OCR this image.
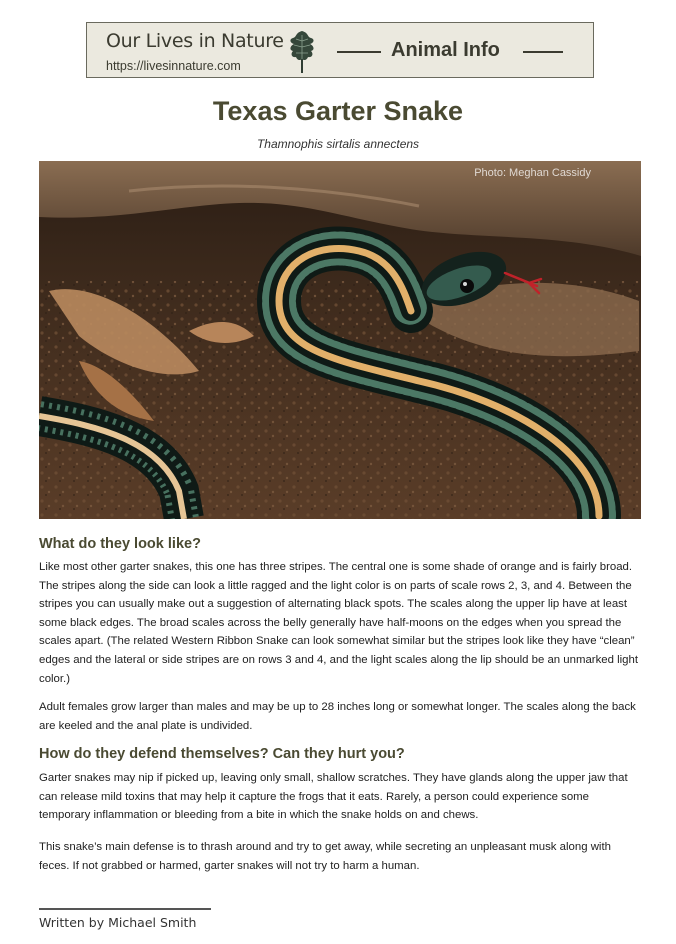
Our Lives in Nature
https://livesinnature.com
Animal Info
Texas Garter Snake
Thamnophis sirtalis annectens
Photo: Meghan Cassidy
What do they look like?

Like most other garter snakes, this one has three stripes. The central one is some shade of orange and is fairly broad. The stripes along the side can look a little ragged and the light color is on parts of scale rows 2, 3, and 4. Between the stripes you can usually make out a suggestion of alternating black spots. The scales along the upper lip have at least some black edges. The broad scales across the belly generally have half-moons on the edges when you spread the scales apart. (The related Western Ribbon Snake can look somewhat similar but the stripes look like they have “clean” edges and the lateral or side stripes are on rows 3 and 4, and the light scales along the lip should be an unmarked light color.)

Adult females grow larger than males and may be up to 28 inches long or somewhat longer. The scales along the back are keeled and the anal plate is undivided.

How do they defend themselves? Can they hurt you?

Garter snakes may nip if picked up, leaving only small, shallow scratches. They have glands along the upper jaw that can release mild toxins that may help it capture the frogs that it eats. Rarely, a person could experience some temporary inflammation or bleeding from a bite in which the snake holds on and chews.

This snake’s main defense is to thrash around and try to get away, while secreting an unpleasant musk along with feces. If not grabbed or harmed, garter snakes will not try to harm a human.

Written by Michael Smith
